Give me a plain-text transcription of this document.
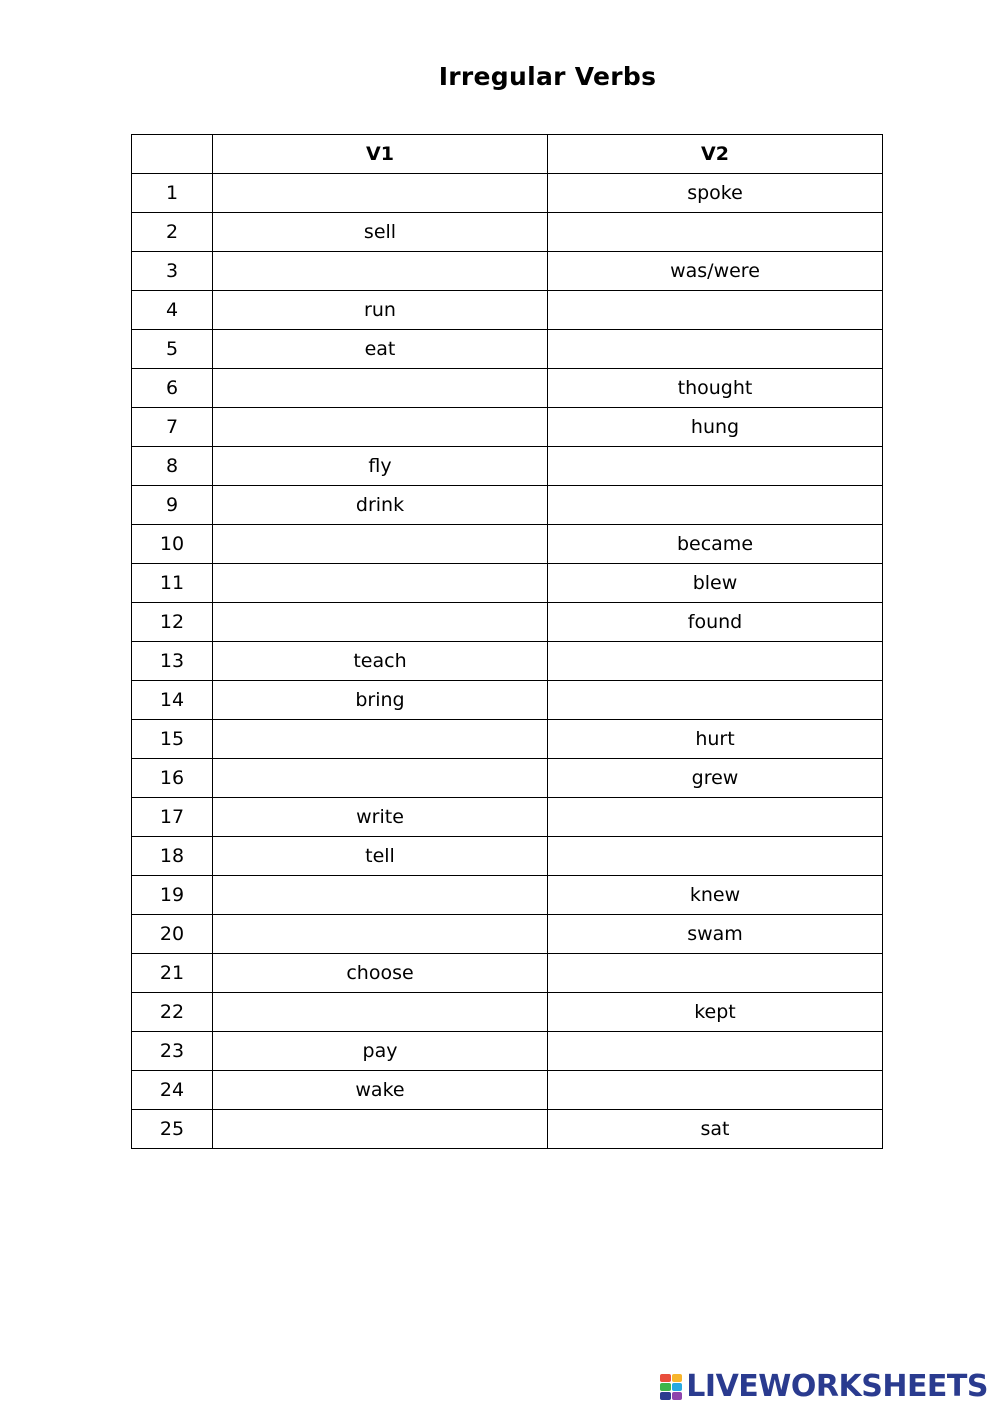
Irregular Verbs
	V1	V2
1		spoke
2	sell	
3		was/were
4	run	
5	eat	
6		thought
7		hung
8	fly	
9	drink	
10		became
11		blew
12		found
13	teach	
14	bring	
15		hurt
16		grew
17	write	
18	tell	
19		knew
20		swam
21	choose	
22		kept
23	pay	
24	wake	
25		sat
LIVEWORKSHEETS
